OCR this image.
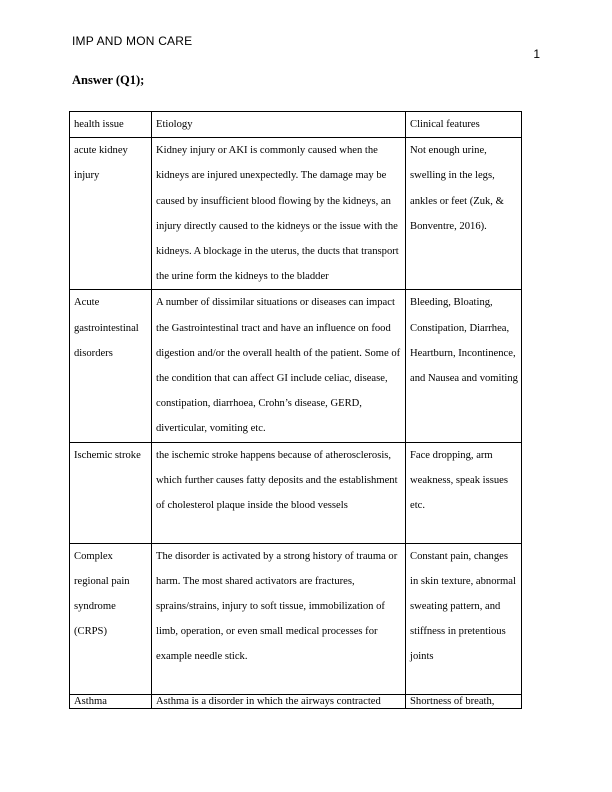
IMP AND MON CARE
1
Answer (Q1);
health issue	Etiology	Clinical features
acute kidney injury	Kidney injury or AKI is commonly caused when the kidneys are injured unexpectedly. The damage may be caused by insufficient blood flowing by the kidneys, an injury directly caused to the kidneys or the issue with the kidneys. A blockage in the uterus, the ducts that transport the urine form the kidneys to the bladder	Not enough urine, swelling in the legs, ankles or feet (Zuk, & Bonventre, 2016).
Acute gastrointestinal disorders	A number of dissimilar situations or diseases can impact the Gastrointestinal tract and have an influence on food digestion and/or the overall health of the patient. Some of the condition that can affect GI include celiac, disease, constipation, diarrhoea, Crohn’s disease, GERD, diverticular, vomiting etc.	Bleeding, Bloating, Constipation, Diarrhea, Heartburn, Incontinence, and Nausea and vomiting
Ischemic stroke	the ischemic stroke happens because of atherosclerosis, which further causes fatty deposits and the establishment of cholesterol plaque inside the blood vessels	Face dropping, arm weakness, speak issues etc.
Complex regional pain syndrome (CRPS)	The disorder is activated by a strong history of trauma or harm. The most shared activators are fractures, sprains/strains, injury to soft tissue, immobilization of limb, operation, or even small medical processes for example needle stick.	Constant pain, changes in skin texture, abnormal sweating pattern, and stiffness in pretentious joints
Asthma	Asthma is a disorder in which the airways contracted	Shortness of breath,
